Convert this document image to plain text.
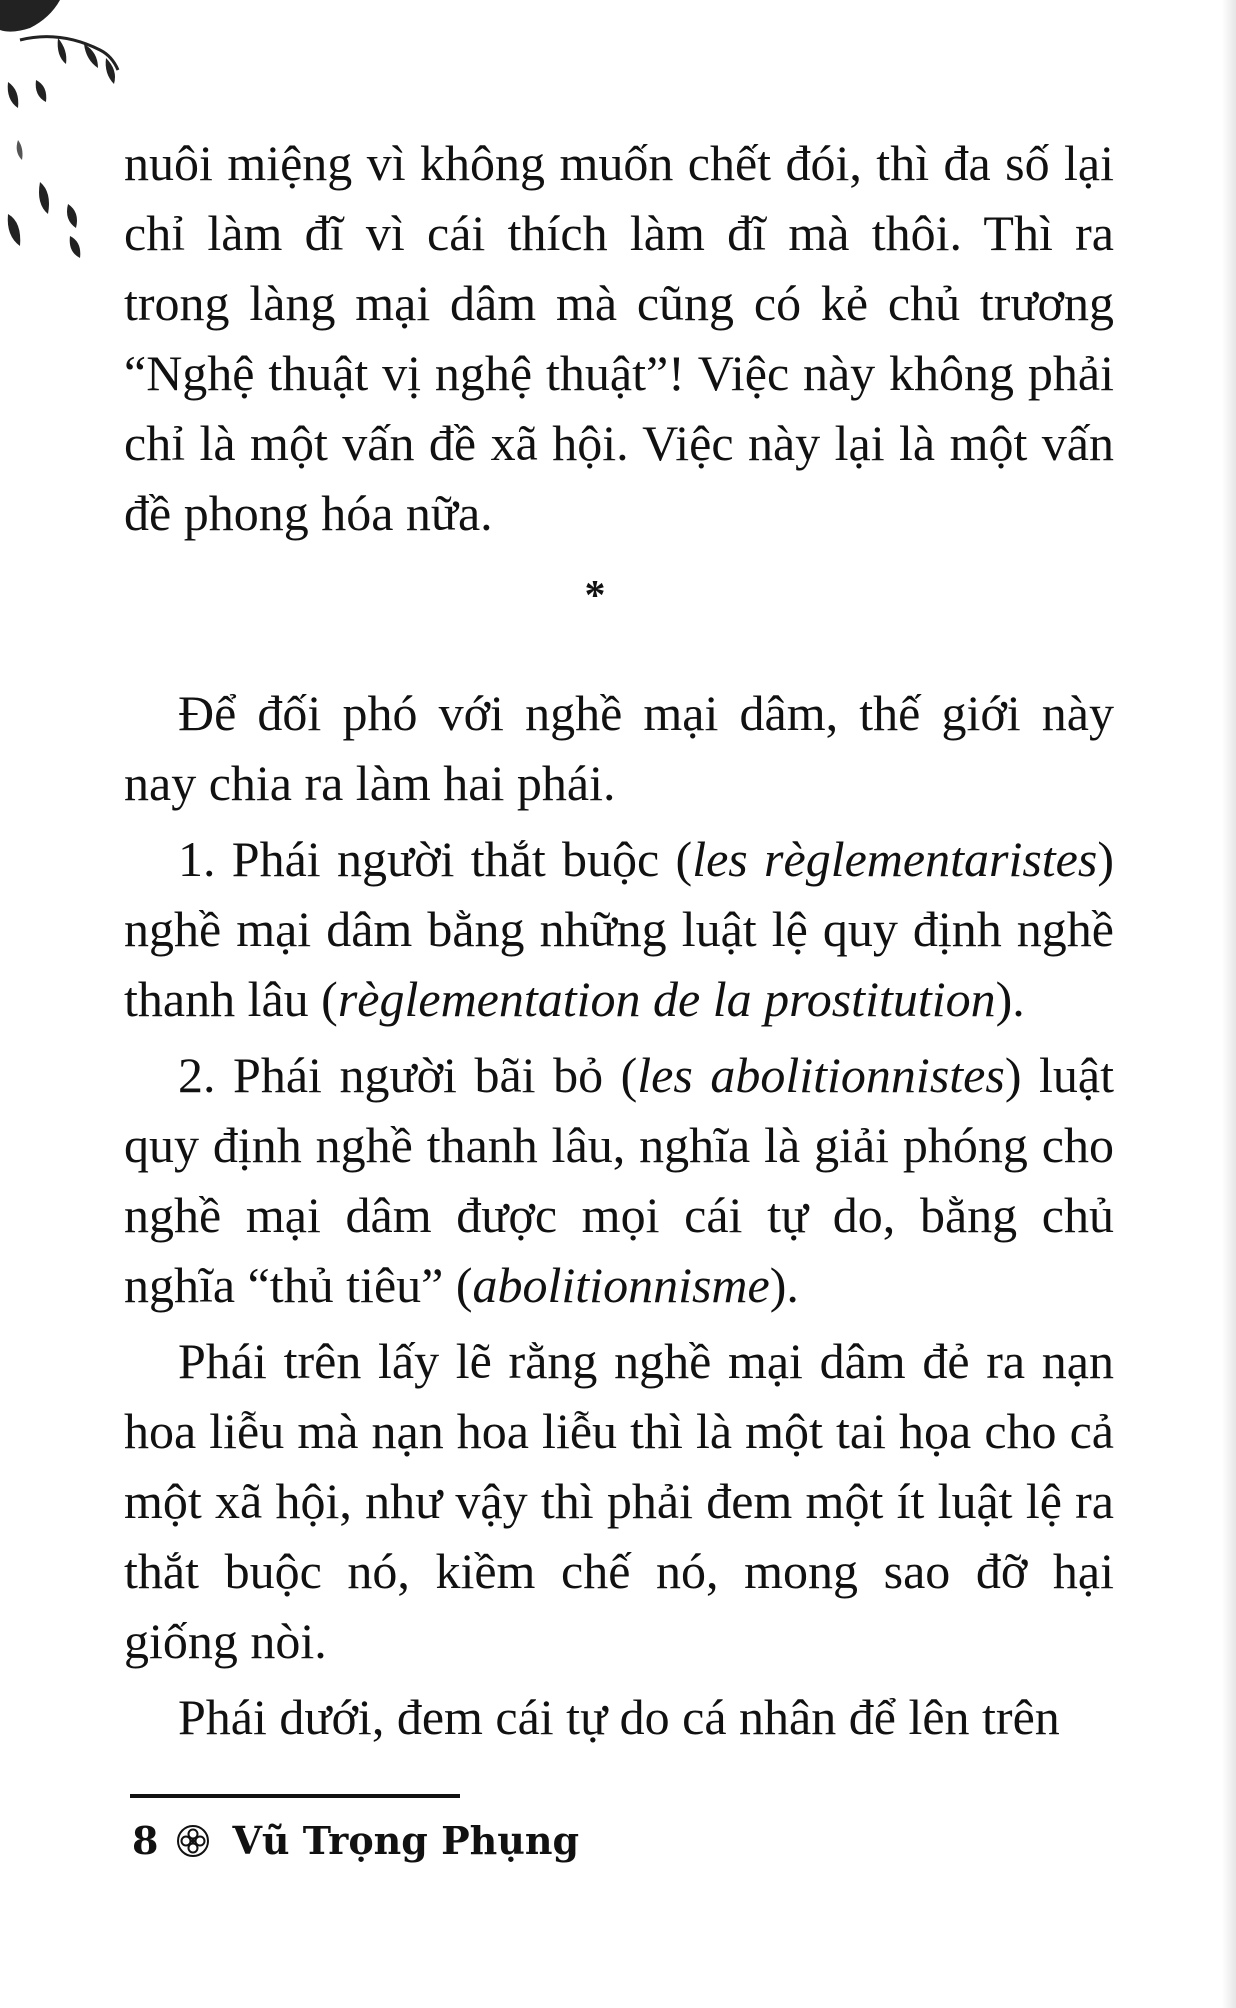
nuôi miệng vì không muốn chết đói, thì đa số lại chỉ làm đĩ vì cái thích làm đĩ mà thôi. Thì ra trong làng mại dâm mà cũng có kẻ chủ trương “Nghệ thuật vị nghệ thuật”! Việc này không phải chỉ là một vấn đề xã hội. Việc này lại là một vấn đề phong hóa nữa.

*

Để đối phó với nghề mại dâm, thế giới này nay chia ra làm hai phái.

1. Phái người thắt buộc (les règlementaristes) nghề mại dâm bằng những luật lệ quy định nghề thanh lâu (règlementation de la prostitution).

2. Phái người bãi bỏ (les abolitionnistes) luật quy định nghề thanh lâu, nghĩa là giải phóng cho nghề mại dâm được mọi cái tự do, bằng chủ nghĩa “thủ tiêu” (abolitionnisme).

Phái trên lấy lẽ rằng nghề mại dâm đẻ ra nạn hoa liễu mà nạn hoa liễu thì là một tai họa cho cả một xã hội, như vậy thì phải đem một ít luật lệ ra thắt buộc nó, kiềm chế nó, mong sao đỡ hại giống nòi.

Phái dưới, đem cái tự do cá nhân để lên trên

8 Vũ Trọng Phụng
